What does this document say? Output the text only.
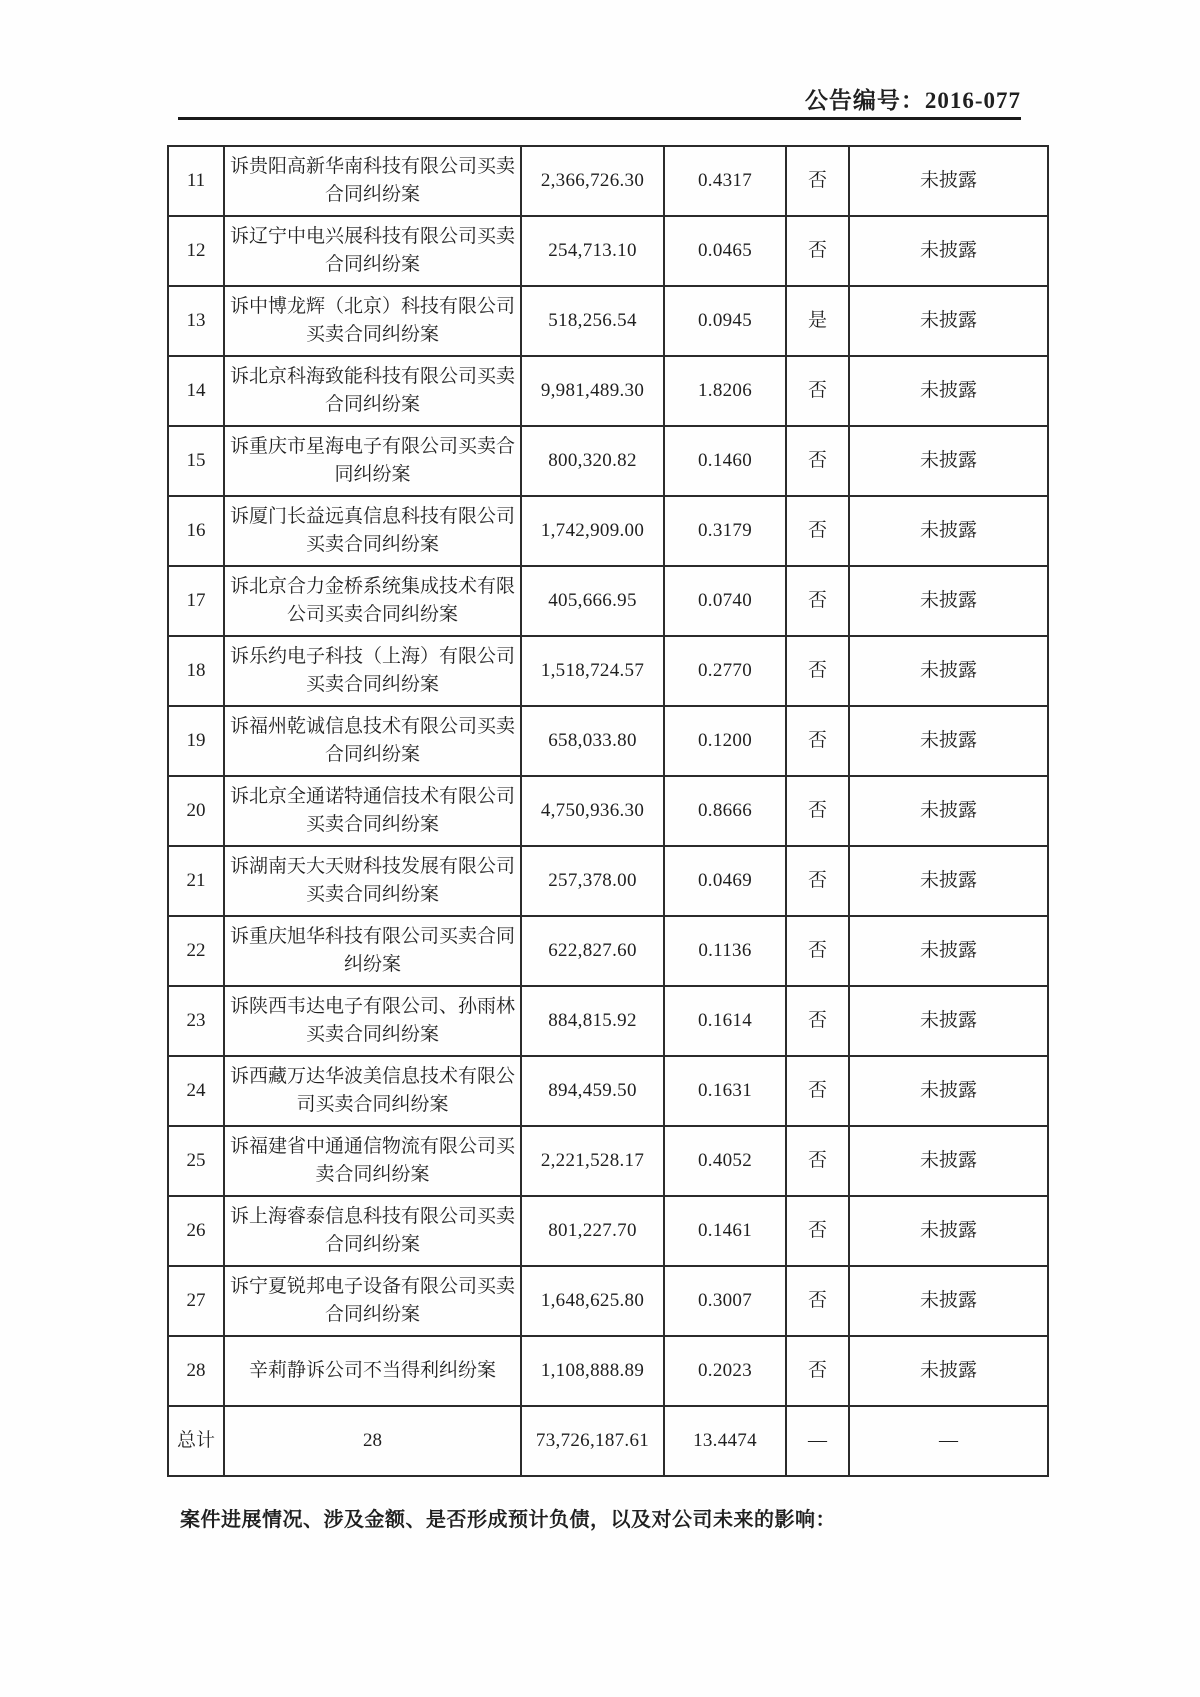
公告编号：2016-077
11	诉贵阳高新华南科技有限公司买卖合同纠纷案	2,366,726.30	0.4317	否	未披露
12	诉辽宁中电兴展科技有限公司买卖合同纠纷案	254,713.10	0.0465	否	未披露
13	诉中博龙辉（北京）科技有限公司买卖合同纠纷案	518,256.54	0.0945	是	未披露
14	诉北京科海致能科技有限公司买卖合同纠纷案	9,981,489.30	1.8206	否	未披露
15	诉重庆市星海电子有限公司买卖合同纠纷案	800,320.82	0.1460	否	未披露
16	诉厦门长益远真信息科技有限公司买卖合同纠纷案	1,742,909.00	0.3179	否	未披露
17	诉北京合力金桥系统集成技术有限公司买卖合同纠纷案	405,666.95	0.0740	否	未披露
18	诉乐约电子科技（上海）有限公司买卖合同纠纷案	1,518,724.57	0.2770	否	未披露
19	诉福州乾诚信息技术有限公司买卖合同纠纷案	658,033.80	0.1200	否	未披露
20	诉北京全通诺特通信技术有限公司买卖合同纠纷案	4,750,936.30	0.8666	否	未披露
21	诉湖南天大天财科技发展有限公司买卖合同纠纷案	257,378.00	0.0469	否	未披露
22	诉重庆旭华科技有限公司买卖合同纠纷案	622,827.60	0.1136	否	未披露
23	诉陕西韦达电子有限公司、孙雨林买卖合同纠纷案	884,815.92	0.1614	否	未披露
24	诉西藏万达华波美信息技术有限公司买卖合同纠纷案	894,459.50	0.1631	否	未披露
25	诉福建省中通通信物流有限公司买卖合同纠纷案	2,221,528.17	0.4052	否	未披露
26	诉上海睿泰信息科技有限公司买卖合同纠纷案	801,227.70	0.1461	否	未披露
27	诉宁夏锐邦电子设备有限公司买卖合同纠纷案	1,648,625.80	0.3007	否	未披露
28	辛莉静诉公司不当得利纠纷案	1,108,888.89	0.2023	否	未披露
总计	28	73,726,187.61	13.4474	—	—
案件进展情况、涉及金额、是否形成预计负债，以及对公司未来的影响：
